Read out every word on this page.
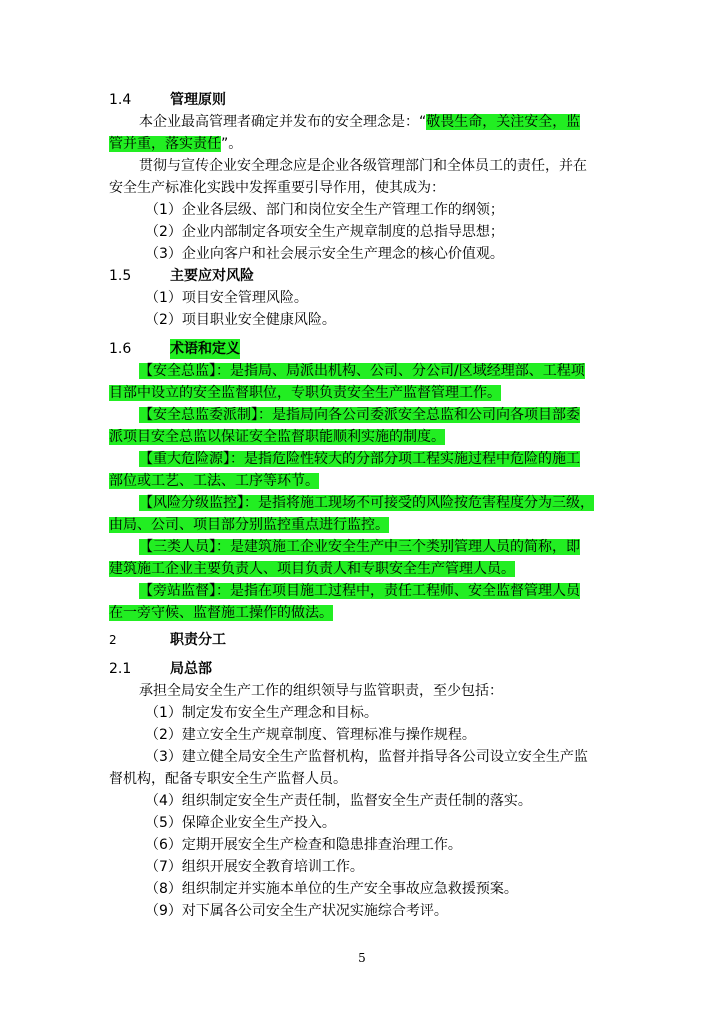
1.4	管理原则
本企业最高管理者确定并发布的安全理念是：“敬畏生命，关注安全，监
管并重，落实责任”。
贯彻与宣传企业安全理念应是企业各级管理部门和全体员工的责任，并在
安全生产标准化实践中发挥重要引导作用，使其成为：
（1）企业各层级、部门和岗位安全生产管理工作的纲领；
（2）企业内部制定各项安全生产规章制度的总指导思想；
（3）企业向客户和社会展示安全生产理念的核心价值观。
1.5	主要应对风险
（1）项目安全管理风险。
（2）项目职业安全健康风险。
1.6	术语和定义
【安全总监】：是指局、局派出机构、公司、分公司/区域经理部、工程项
目部中设立的安全监督职位，专职负责安全生产监督管理工作。
【安全总监委派制】：是指局向各公司委派安全总监和公司向各项目部委
派项目安全总监以保证安全监督职能顺利实施的制度。
【重大危险源】：是指危险性较大的分部分项工程实施过程中危险的施工
部位或工艺、工法、工序等环节。
【风险分级监控】：是指将施工现场不可接受的风险按危害程度分为三级，
由局、公司、项目部分别监控重点进行监控。
【三类人员】：是建筑施工企业安全生产中三个类别管理人员的简称，即
建筑施工企业主要负责人、项目负责人和专职安全生产管理人员。
【旁站监督】：是指在项目施工过程中，责任工程师、安全监督管理人员
在一旁守候、监督施工操作的做法。
2	职责分工
2.1	局总部
承担全局安全生产工作的组织领导与监管职责，至少包括：
（1）制定发布安全生产理念和目标。
（2）建立安全生产规章制度、管理标准与操作规程。
（3）建立健全局安全生产监督机构，监督并指导各公司设立安全生产监
督机构，配备专职安全生产监督人员。
（4）组织制定安全生产责任制，监督安全生产责任制的落实。
（5）保障企业安全生产投入。
（6）定期开展安全生产检查和隐患排查治理工作。
（7）组织开展安全教育培训工作。
（8）组织制定并实施本单位的生产安全事故应急救援预案。
（9）对下属各公司安全生产状况实施综合考评。
5
